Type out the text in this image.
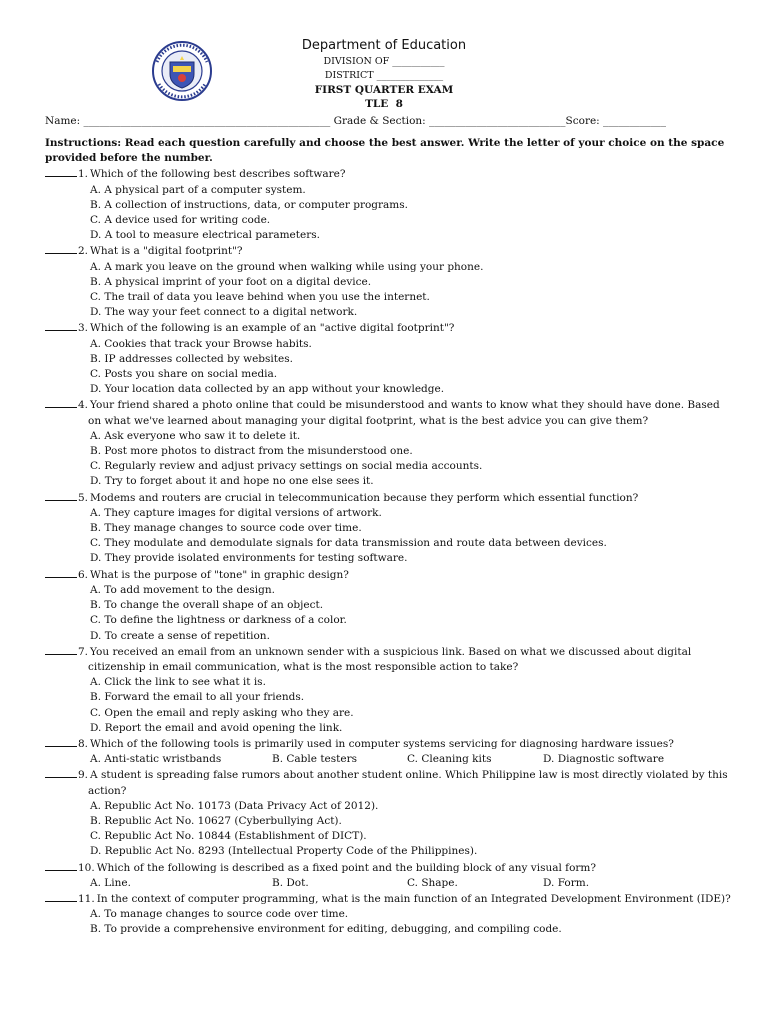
Department of Education
DIVISION OF ___________
DISTRICT ______________
FIRST QUARTER EXAM
TLE  8
Name: _______________________________________________ Grade & Section: __________________________Score: ____________
Instructions: Read each question carefully and choose the best answer. Write the letter of your choice on the space provided before the number.
1. Which of the following best describes software?
A. A physical part of a computer system.
B. A collection of instructions, data, or computer programs.
C. A device used for writing code.
D. A tool to measure electrical parameters.
2. What is a "digital footprint"?
A. A mark you leave on the ground when walking while using your phone.
B. A physical imprint of your foot on a digital device.
C. The trail of data you leave behind when you use the internet.
D. The way your feet connect to a digital network.
3. Which of the following is an example of an "active digital footprint"?
A. Cookies that track your Browse habits.
B. IP addresses collected by websites.
C. Posts you share on social media.
D. Your location data collected by an app without your knowledge.
4. Your friend shared a photo online that could be misunderstood and wants to know what they should have done. Based on what we've learned about managing your digital footprint, what is the best advice you can give them?
A. Ask everyone who saw it to delete it.
B. Post more photos to distract from the misunderstood one.
C. Regularly review and adjust privacy settings on social media accounts.
D. Try to forget about it and hope no one else sees it.
5. Modems and routers are crucial in telecommunication because they perform which essential function?
A. They capture images for digital versions of artwork.
B. They manage changes to source code over time.
C. They modulate and demodulate signals for data transmission and route data between devices.
D. They provide isolated environments for testing software.
6. What is the purpose of "tone" in graphic design?
A. To add movement to the design.
B. To change the overall shape of an object.
C. To define the lightness or darkness of a color.
D. To create a sense of repetition.
7. You received an email from an unknown sender with a suspicious link. Based on what we discussed about digital citizenship in email communication, what is the most responsible action to take?
A. Click the link to see what it is.
B. Forward the email to all your friends.
C. Open the email and reply asking who they are.
D. Report the email and avoid opening the link.
8. Which of the following tools is primarily used in computer systems servicing for diagnosing hardware issues?
A. Anti-static wristbands	B. Cable testers	C. Cleaning kits	D. Diagnostic software
9. A student is spreading false rumors about another student online. Which Philippine law is most directly violated by this action?
A. Republic Act No. 10173 (Data Privacy Act of 2012).
B. Republic Act No. 10627 (Cyberbullying Act).
C. Republic Act No. 10844 (Establishment of DICT).
D. Republic Act No. 8293 (Intellectual Property Code of the Philippines).
10. Which of the following is described as a fixed point and the building block of any visual form?
A. Line.	B. Dot.	C. Shape.	D. Form.
11. In the context of computer programming, what is the main function of an Integrated Development Environment (IDE)?
A. To manage changes to source code over time.
B. To provide a comprehensive environment for editing, debugging, and compiling code.
